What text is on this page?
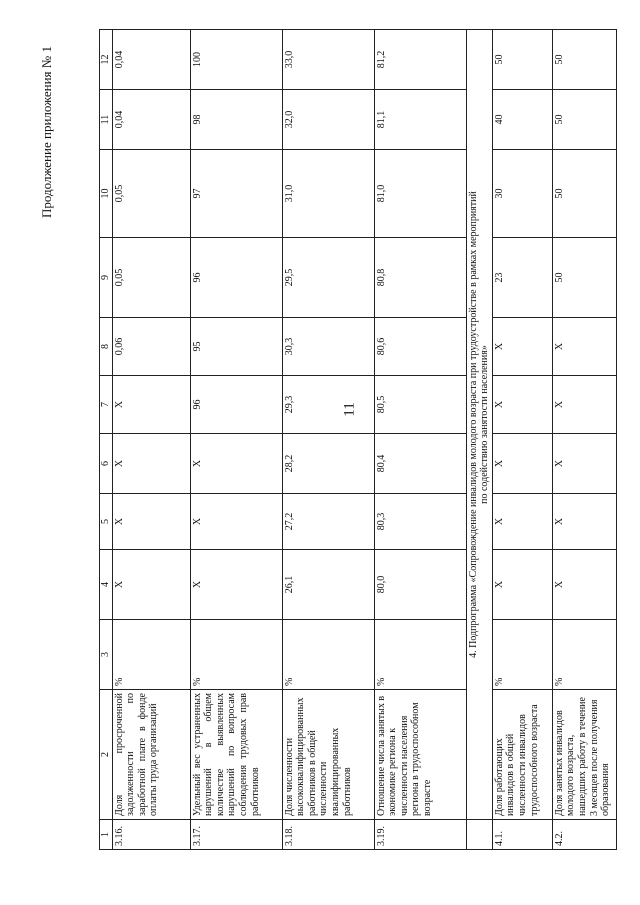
11
Продолжение приложения № 1
1	2	3	4	5	6	7	8	9	10	11	12
3.16.	Доля просроченной задолженности по заработной плате в фонде оплаты труда организаций	%	X	X	X	X	0,06	0,05	0,05	0,04	0,04
3.17.	Удельный вес устраненных нарушений в общем количестве выявленных нарушений по вопросам соблюдения трудовых прав работников	%	X	X	X	96	95	96	97	98	100
3.18.	Доля численности высококвалифицированных работников в общей численности квалифицированных работников	%	26,1	27,2	28,2	29,3	30,3	29,5	31,0	32,0	33,0
3.19.	Отношение числа занятых в экономике региона к численности населения региона в трудоспособном возрасте	%	80,0	80,3	80,4	80,5	80,6	80,8	81,0	81,1	81,2

	4. Подпрограмма «Сопровождение инвалидов молодого возраста при трудоустройстве в рамках мероприятий по содействию занятости населения»										

4.1.	Доля работающих инвалидов в общей численности инвалидов трудоспособного возраста	%	X	X	X	X	X	23	30	40	50
4.2.	Доля занятых инвалидов молодого возраста, нашедших работу в течение 3 месяцев после получения образования	%	X	X	X	X	X	50	50	50	50
